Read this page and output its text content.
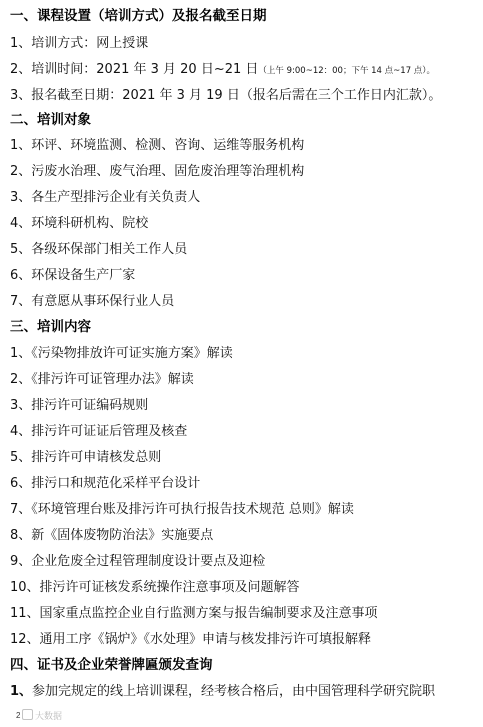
一、课程设置（培训方式）及报名截至日期
1、培训方式：网上授课
2、培训时间：2021 年 3 月 20 日~21 日（上午 9:00~12：00；下午 14 点~17 点）。
3、报名截至日期：2021 年 3 月 19 日（报名后需在三个工作日内汇款）。
二、培训对象
1、环评、环境监测、检测、咨询、运维等服务机构
2、污废水治理、废气治理、固危废治理等治理机构
3、各生产型排污企业有关负责人
4、环境科研机构、院校
5、各级环保部门相关工作人员
6、环保设备生产厂家
7、有意愿从事环保行业人员
三、培训内容
1、《污染物排放许可证实施方案》解读
2、《排污许可证管理办法》解读
3、排污许可证编码规则
4、排污许可证证后管理及核查
5、排污许可申请核发总则
6、排污口和规范化采样平台设计
7、《环境管理台账及排污许可执行报告技术规范 总则》解读
8、新《固体废物防治法》实施要点
9、企业危废全过程管理制度设计要点及迎检
10、排污许可证核发系统操作注意事项及问题解答
11、国家重点监控企业自行监测方案与报告编制要求及注意事项
12、通用工序《锅炉》《水处理》申请与核发排污许可填报解释
四、证书及企业荣誉牌匾颁发查询
1、参加完规定的线上培训课程，经考核合格后，由中国管理科学研究院职
2	大数据
